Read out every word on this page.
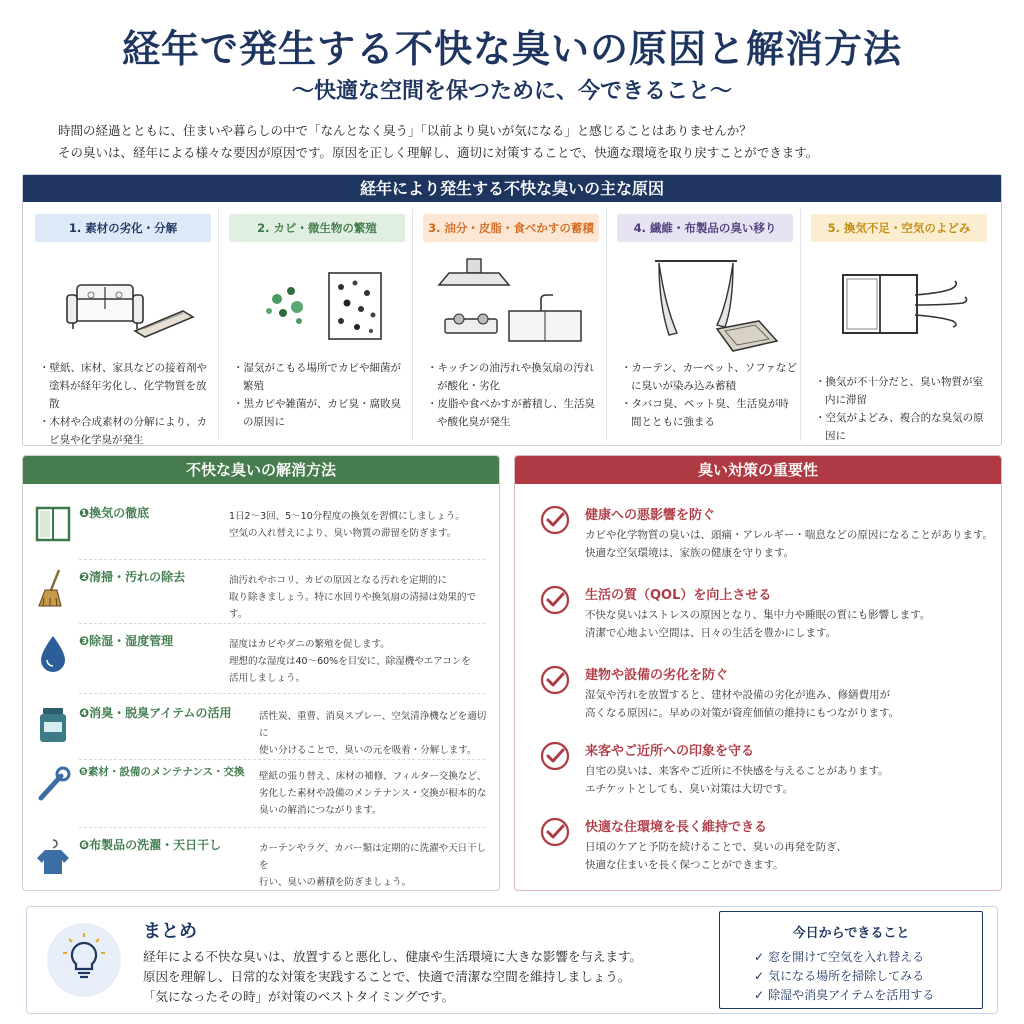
経年で発生する不快な臭いの原因と解消方法
〜快適な空間を保つために、今できること〜
時間の経過とともに、住まいや暮らしの中で「なんとなく臭う」「以前より臭いが気になる」と感じることはありませんか？
その臭いは、経年による様々な要因が原因です。原因を正しく理解し、適切に対策することで、快適な環境を取り戻すことができます。
経年により発生する不快な臭いの主な原因
1. 素材の劣化・分解
・壁紙、床材、家具などの接着剤や塗料が経年劣化し、化学物質を放散
・木材や合成素材の分解により、カビ臭や化学臭が発生
2. カビ・微生物の繁殖
・湿気がこもる場所でカビや細菌が繁殖
・黒カビや雑菌が、カビ臭・腐敗臭の原因に
3. 油分・皮脂・食べかすの蓄積
・キッチンの油汚れや換気扇の汚れが酸化・劣化
・皮脂や食べかすが蓄積し、生活臭や酸化臭が発生
4. 繊維・布製品の臭い移り
・カーテン、カーペット、ソファなどに臭いが染み込み蓄積
・タバコ臭、ペット臭、生活臭が時間とともに強まる
5. 換気不足・空気のよどみ
・換気が不十分だと、臭い物質が室内に滞留
・空気がよどみ、複合的な臭気の原因に
不快な臭いの解消方法
❶換気の徹底	1日2〜3回、5〜10分程度の換気を習慣にしましょう。
空気の入れ替えにより、臭い物質の滞留を防ぎます。
❷清掃・汚れの除去	油汚れやホコリ、カビの原因となる汚れを定期的に
取り除きましょう。特に水回りや換気扇の清掃は効果的です。
❸除湿・湿度管理	湿度はカビやダニの繁殖を促します。
理想的な湿度は40〜60%を目安に、除湿機やエアコンを
活用しましょう。
❹消臭・脱臭アイテムの活用	活性炭、重曹、消臭スプレー、空気清浄機などを適切に
使い分けることで、臭いの元を吸着・分解します。
❺素材・設備のメンテナンス・交換 壁紙の張り替え、床材の補修、フィルター交換など、
劣化した素材や設備のメンテナンス・交換が根本的な
臭いの解消につながります。
❻布製品の洗濯・天日干し	カーテンやラグ、カバー類は定期的に洗濯や天日干しを
行い、臭いの蓄積を防ぎましょう。
臭い対策の重要性
健康への悪影響を防ぐ
カビや化学物質の臭いは、頭痛・アレルギー・喘息などの原因になることがあります。
快適な空気環境は、家族の健康を守ります。
生活の質（QOL）を向上させる
不快な臭いはストレスの原因となり、集中力や睡眠の質にも影響します。
清潔で心地よい空間は、日々の生活を豊かにします。
建物や設備の劣化を防ぐ
湿気や汚れを放置すると、建材や設備の劣化が進み、修繕費用が
高くなる原因に。早めの対策が資産価値の維持にもつながります。
来客やご近所への印象を守る
自宅の臭いは、来客やご近所に不快感を与えることがあります。
エチケットとしても、臭い対策は大切です。
快適な住環境を長く維持できる
日頃のケアと予防を続けることで、臭いの再発を防ぎ、
快適な住まいを長く保つことができます。
まとめ
経年による不快な臭いは、放置すると悪化し、健康や生活環境に大きな影響を与えます。
原因を理解し、日常的な対策を実践することで、快適で清潔な空間を維持しましょう。
「気になったその時」が対策のベストタイミングです。
今日からできること
✓ 窓を開けて空気を入れ替える
✓ 気になる場所を掃除してみる
✓ 除湿や消臭アイテムを活用する
